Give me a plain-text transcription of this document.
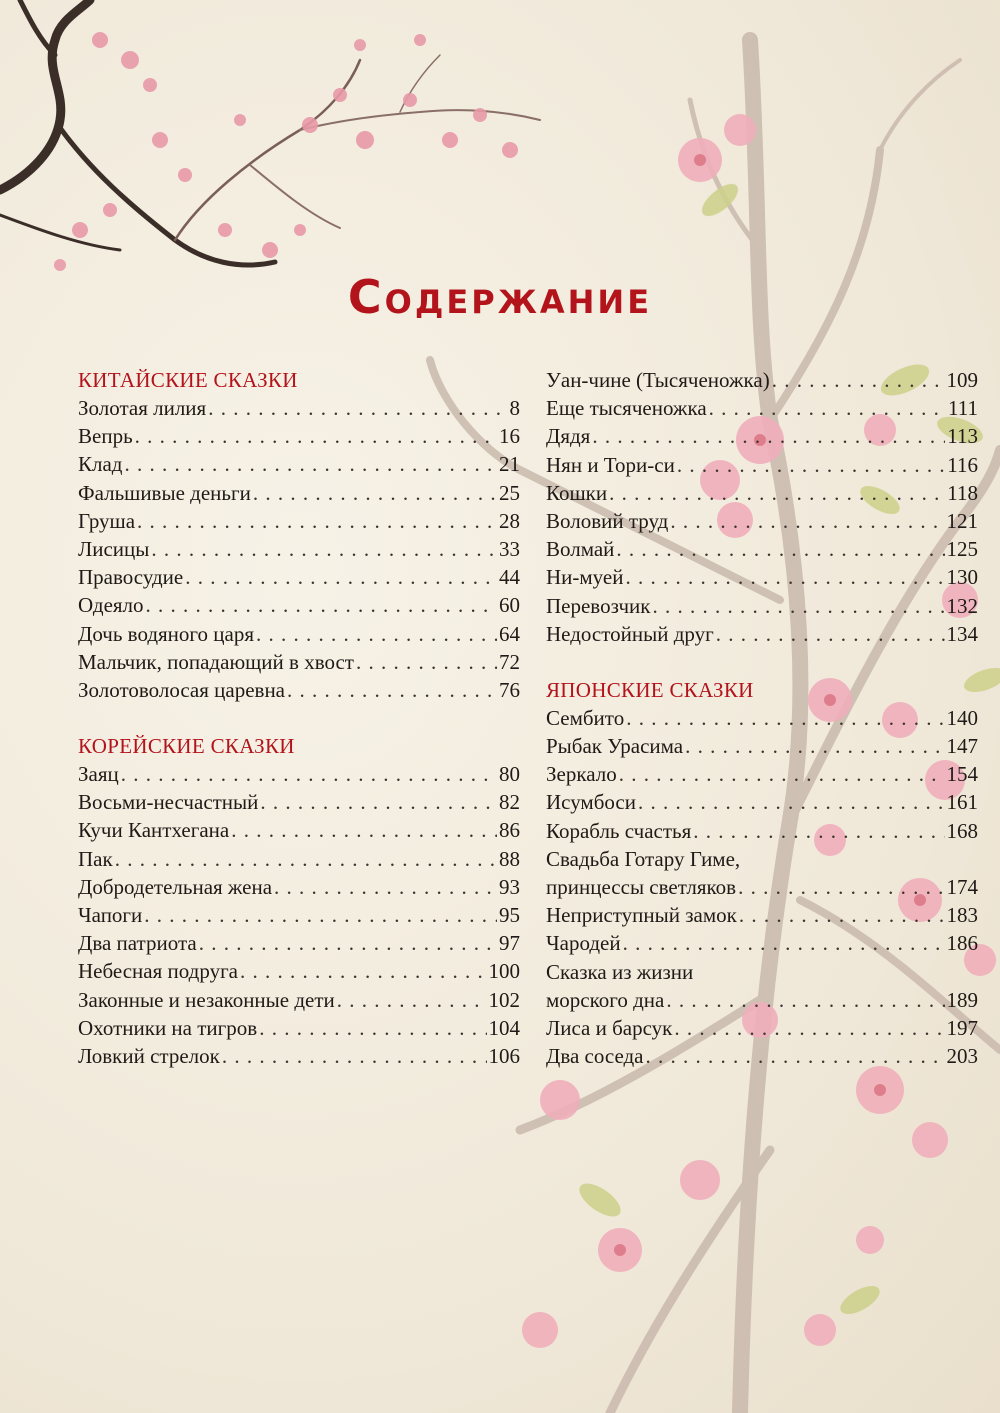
Содержание
КИТАЙСКИЕ СКАЗКИ
Золотая лилия . . .	8
Вепрь . . .	16
Клад . . .	21
Фальшивые деньги . . .	25
Груша . . .	28
Лисицы . . .	33
Правосудие . . .	44
Одеяло . . .	60
Дочь водяного царя . . .	64
Мальчик, попадающий в хвост . . .	72
Золотоволосая царевна . . .	76
КОРЕЙСКИЕ СКАЗКИ
Заяц . . .	80
Восьми-несчастный . . .	82
Кучи Кантхегана . . .	86
Пак . . .	88
Добродетельная жена . . .	93
Чапоги . . .	95
Два патриота . . .	97
Небесная подруга . . .	100
Законные и незаконные дети . . .	102
Охотники на тигров . . .	104
Ловкий стрелок . . .	106
Уан-чине (Тысяченожка) . . .	109
Еще тысяченожка . . .	111
Дядя . . .	113
Нян и Тори-си . . .	116
Кошки . . .	118
Воловий труд . . .	121
Волмай . . .	125
Ни-муей . . .	130
Перевозчик . . .	132
Недостойный друг . . .	134
ЯПОНСКИЕ СКАЗКИ
Сембито . . .	140
Рыбак Урасима . . .	147
Зеркало . . .	154
Исумбоси . . .	161
Корабль счастья . . .	168
Свадьба Готару Гиме,
принцессы светляков . . .	174
Неприступный замок . . .	183
Чародей . . .	186
Сказка из жизни
морского дна . . .	189
Лиса и барсук . . .	197
Два соседа . . .	203
